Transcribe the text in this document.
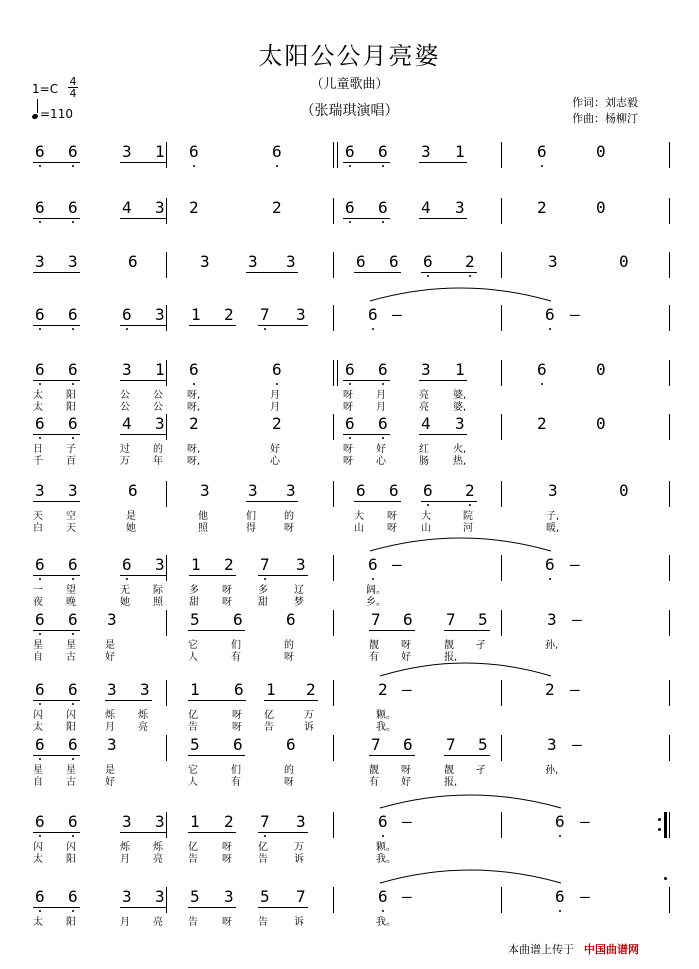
太阳公公月亮婆
（儿童歌曲）
（张瑞琪演唱）
1=C
4
4
=110
作词：刘志毅
作曲：杨柳汀
6 6	3 1 6	6	6 6 3 1	6	0
6 6	4 3 2	2	6 6 4 3	2	0
3 3	6	3 3 3	6 6 6 2	3	0
6 6	6 3 1 2 7 3	6 –	6 –
6 6	3 1 6	6	6 6 3 1	6	0
太 阳	公 公 呀,	月	呀 月	亮 婆,
太 阳	公 公 呀,	月	呀 月	亮 婆,
6 6	4 3 2	2	6 6 4 3	2	0
日 子	过 的 呀,	好	呀 好	红 火,
千 百	万 年 呀,	心	呀 心	肠 热,
3 3	6	3 3 3	6 6 6 2	3	0
天 空	是	他	们	的	大 呀 大	院	子,
白 天	她	照	得	呀	山 呀 山	河	暖,
6 6	6 3 1 2 7 3	6 –	6 –
一 望	无 际	多 呀	多	辽	阔。
夜 晚	她 照	甜 呀	甜	梦	乡。
6 6 3	5 6	6	7 6 7 5	3 –
星 星	是	它	们	的	靓 呀	靓 孑	孙,
自 古	好	人	有	呀	有 好	报,
6 6 3 3	1 6 1 2	2 –	2 –
闪 闪	烁 烁	亿	呀 亿	万	颗。
太 阳	月 亮	告	呀 告	诉	我。
6 6 3	5 6	6	7 6 7 5	3 –
星 星	是	它	们	的	靓 呀	靓 孑	孙,
自 古	好	人	有	呀	有 好	报,
6 6	3 3 1 2 7 3	6 –	6 –
闪 闪	烁 烁	亿 呀	亿	万	颗。
太 阳	月 亮	告 呀	告	诉	我。
6 6	3 3 5 3 5 7	6 –	6 –
太 阳	月 亮	告 呀	告	诉	我。
本曲谱上传于 中国曲谱网
